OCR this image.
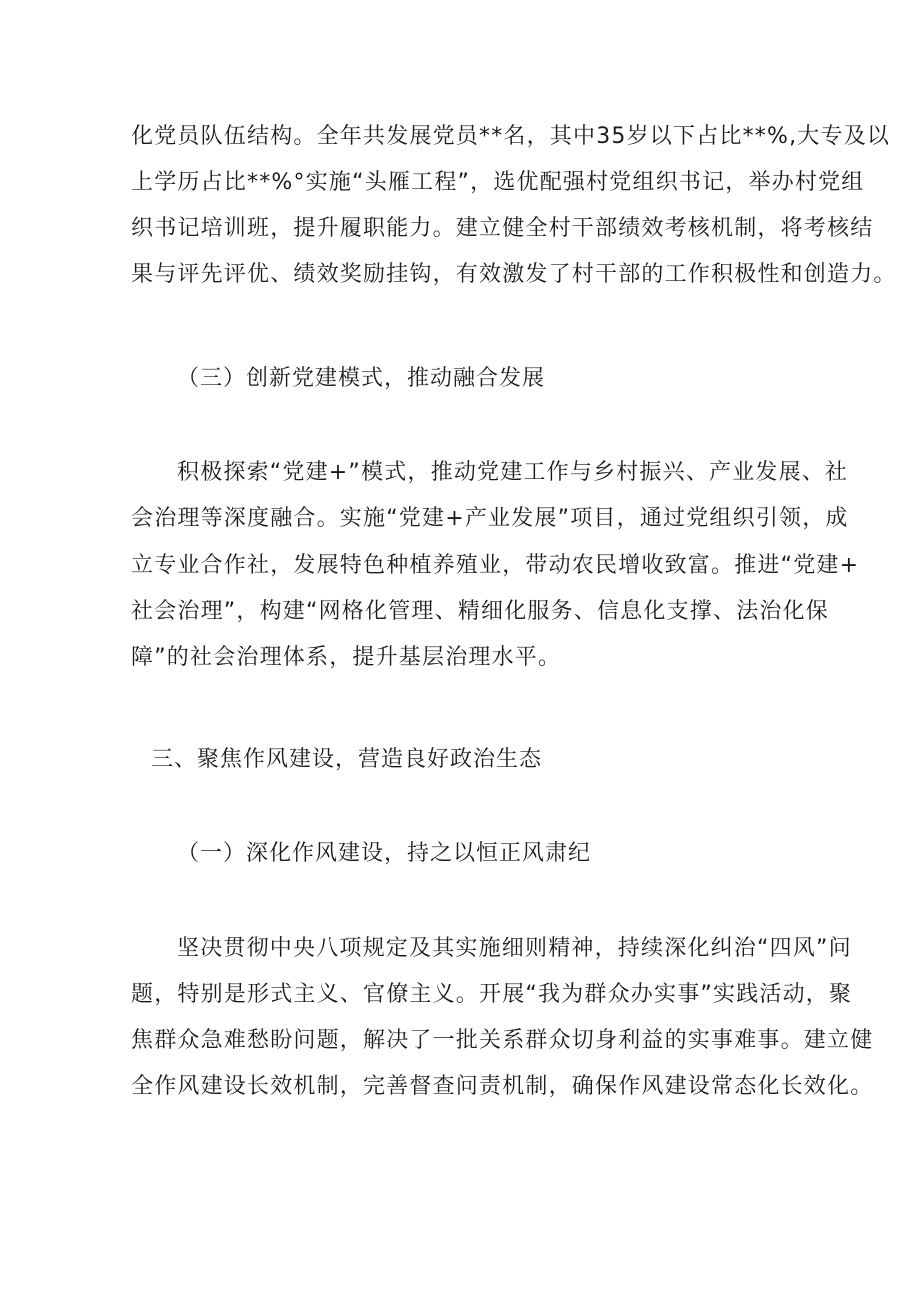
化党员队伍结构。全年共发展党员**名，其中35岁以下占比**%,大专及以
上学历占比**%°实施“头雁工程”，选优配强村党组织书记，举办村党组
织书记培训班，提升履职能力。建立健全村干部绩效考核机制，将考核结
果与评先评优、绩效奖励挂钩，有效激发了村干部的工作积极性和创造力。
（三）创新党建模式，推动融合发展
积极探索“党建+”模式，推动党建工作与乡村振兴、产业发展、社
会治理等深度融合。实施“党建+产业发展”项目，通过党组织引领，成
立专业合作社，发展特色种植养殖业，带动农民增收致富。推进“党建+
社会治理”，构建“网格化管理、精细化服务、信息化支撑、法治化保
障”的社会治理体系，提升基层治理水平。
三、聚焦作风建设，营造良好政治生态
（一）深化作风建设，持之以恒正风肃纪
坚决贯彻中央八项规定及其实施细则精神，持续深化纠治“四风”问
题，特别是形式主义、官僚主义。开展“我为群众办实事”实践活动，聚
焦群众急难愁盼问题，解决了一批关系群众切身利益的实事难事。建立健
全作风建设长效机制，完善督查问责机制，确保作风建设常态化长效化。
